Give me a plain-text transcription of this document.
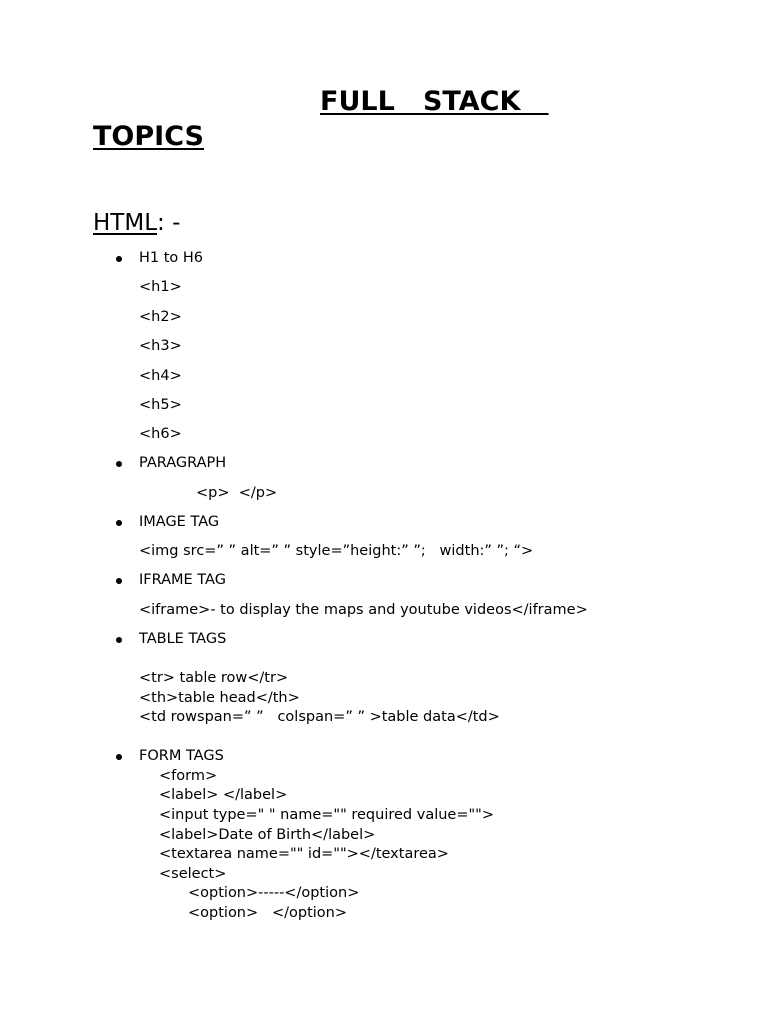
FULL   STACK
TOPICS
HTML: -
H1 to H6
<h1>
<h2>
<h3>
<h4>
<h5>
<h6>
PARAGRAPH
<p>  </p>
IMAGE TAG
<img src=” ” alt=” ” style=”height:” ”;   width:” ”; “>
IFRAME TAG
<iframe>- to display the maps and youtube videos</iframe>
TABLE TAGS
<tr> table row</tr>
<th>table head</th>
<td rowspan=” ”   colspan=” ” >table data</td>
FORM TAGS
<form>
<label> </label>
<input type=" " name="" required value="">
<label>Date of Birth</label>
<textarea name="" id=""></textarea>
<select>
<option>-----</option>
<option>   </option>
